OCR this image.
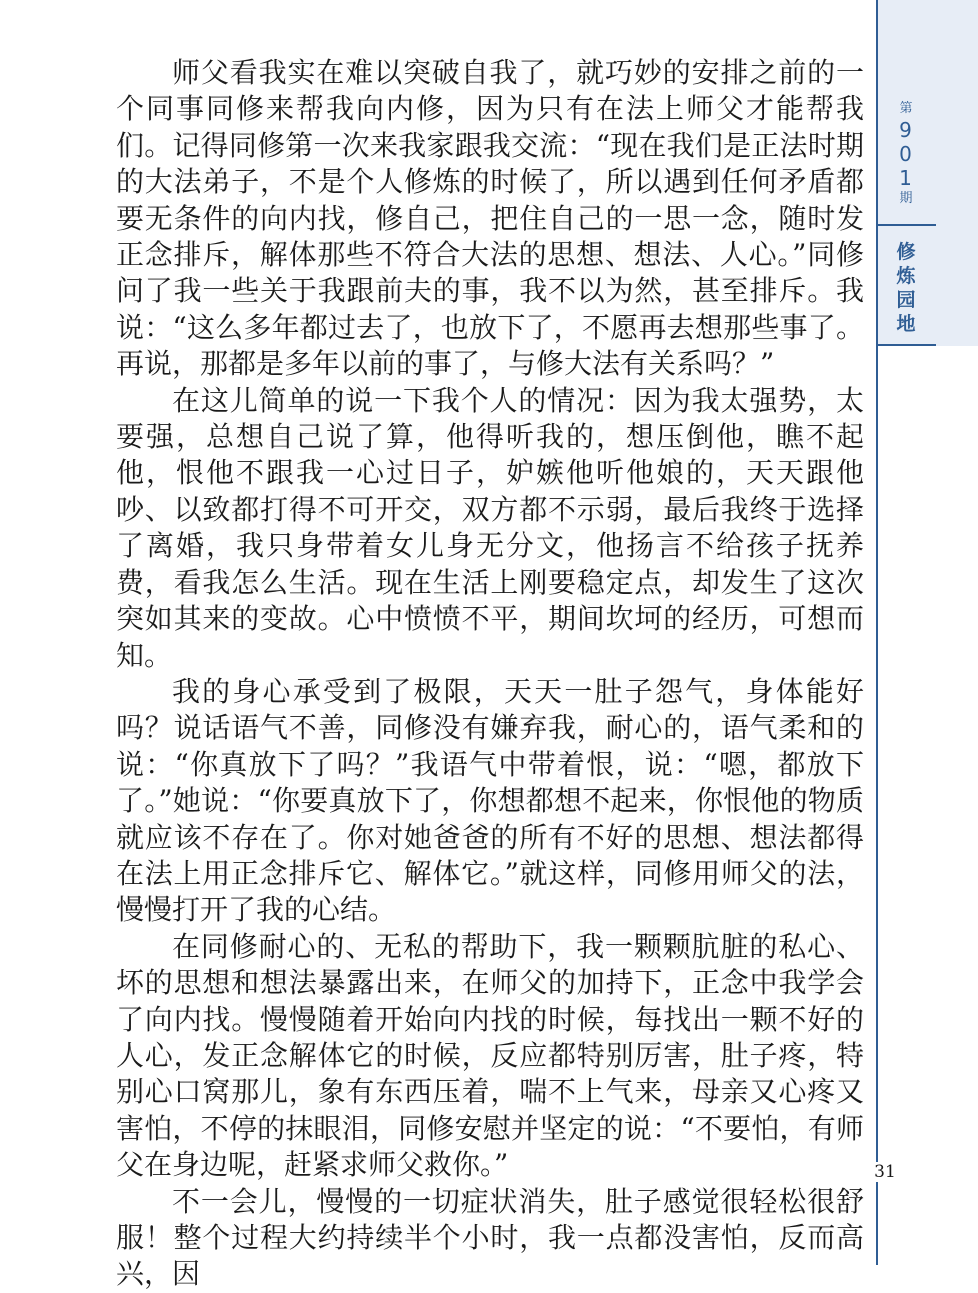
第
9
0
1
期
修
炼
园
地

师父看我实在难以突破自我了，就巧妙的安排之前的一个同事同修来帮我向内修，因为只有在法上师父才能帮我们。记得同修第一次来我家跟我交流：“现在我们是正法时期的大法弟子，不是个人修炼的时候了，所以遇到任何矛盾都要无条件的向内找，修自己，把住自己的一思一念，随时发正念排斥，解体那些不符合大法的思想、想法、人心。”同修问了我一些关于我跟前夫的事，我不以为然，甚至排斥。我说：“这么多年都过去了，也放下了，不愿再去想那些事了。再说，那都是多年以前的事了，与修大法有关系吗？”

在这儿简单的说一下我个人的情况：因为我太强势，太要强，总想自己说了算，他得听我的，想压倒他，瞧不起他，恨他不跟我一心过日子，妒嫉他听他娘的，天天跟他吵、以致都打得不可开交，双方都不示弱，最后我终于选择了离婚，我只身带着女儿身无分文，他扬言不给孩子抚养费，看我怎么生活。现在生活上刚要稳定点，却发生了这次突如其来的变故。心中愤愤不平，期间坎坷的经历，可想而知。

我的身心承受到了极限，天天一肚子怨气，身体能好吗？说话语气不善，同修没有嫌弃我，耐心的，语气柔和的说：“你真放下了吗？”我语气中带着恨，说：“嗯，都放下了。”她说：“你要真放下了，你想都想不起来，你恨他的物质就应该不存在了。你对她爸爸的所有不好的思想、想法都得在法上用正念排斥它、解体它。”就这样，同修用师父的法，慢慢打开了我的心结。

在同修耐心的、无私的帮助下，我一颗颗肮脏的私心、坏的思想和想法暴露出来，在师父的加持下，正念中我学会了向内找。慢慢随着开始向内找的时候，每找出一颗不好的人心，发正念解体它的时候，反应都特别厉害，肚子疼，特别心口窝那儿，象有东西压着，喘不上气来，母亲又心疼又害怕，不停的抹眼泪，同修安慰并坚定的说：“不要怕，有师父在身边呢，赶紧求师父救你。”

不一会儿，慢慢的一切症状消失，肚子感觉很轻松很舒服！整个过程大约持续半个小时，我一点都没害怕，反而高兴，因

31
